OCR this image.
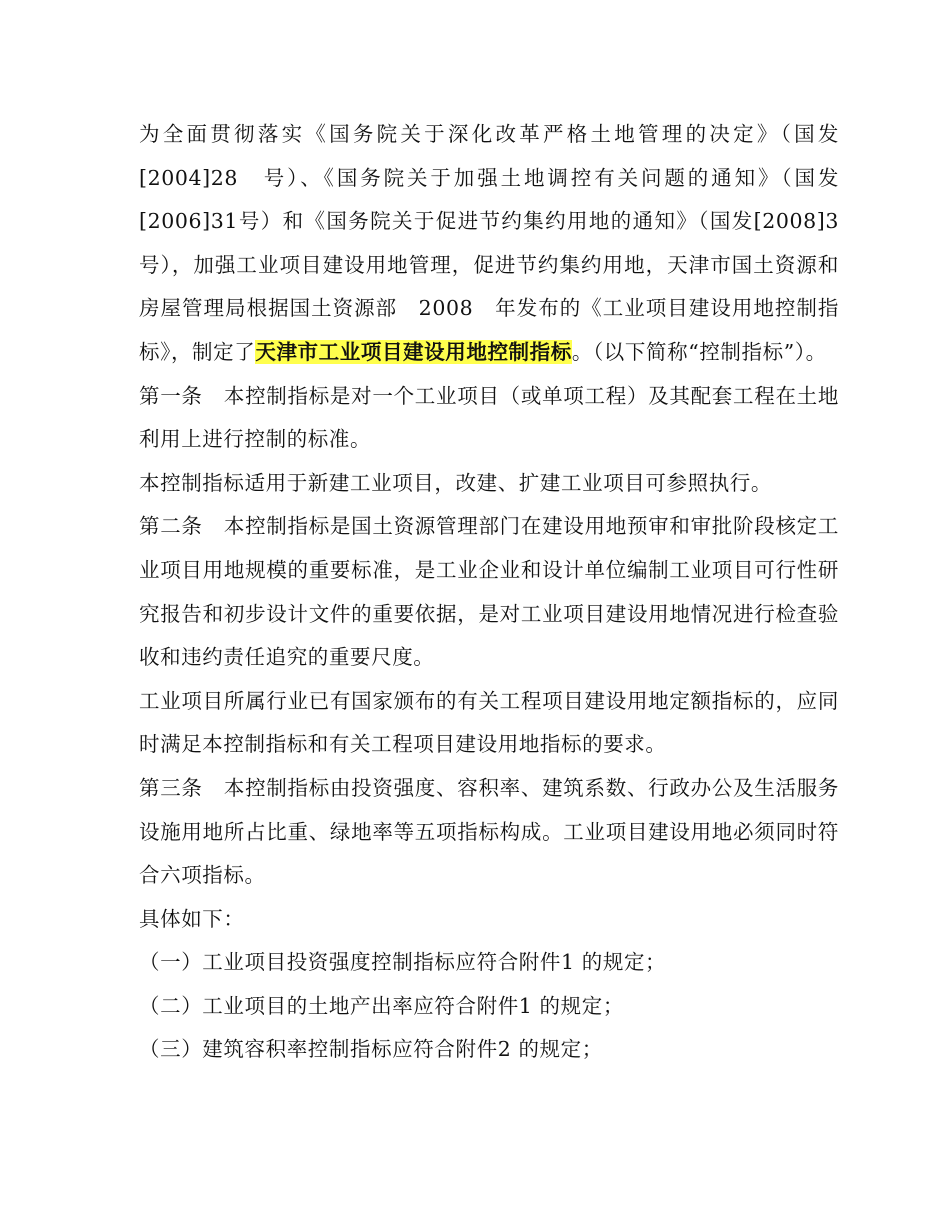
为全面贯彻落实《国务院关于深化改革严格土地管理的决定》（国发[2004]28　号）、《国务院关于加强土地调控有关问题的通知》（国发[2006]31号）和《国务院关于促进节约集约用地的通知》（国发[2008]3号），加强工业项目建设用地管理，促进节约集约用地，天津市国土资源和房屋管理局根据国土资源部　2008　年发布的《工业项目建设用地控制指标》，制定了天津市工业项目建设用地控制指标。（以下简称“控制指标”）。

第一条　本控制指标是对一个工业项目（或单项工程）及其配套工程在土地利用上进行控制的标准。

本控制指标适用于新建工业项目，改建、扩建工业项目可参照执行。

第二条　本控制指标是国土资源管理部门在建设用地预审和审批阶段核定工业项目用地规模的重要标准，是工业企业和设计单位编制工业项目可行性研究报告和初步设计文件的重要依据，是对工业项目建设用地情况进行检查验收和违约责任追究的重要尺度。

工业项目所属行业已有国家颁布的有关工程项目建设用地定额指标的，应同时满足本控制指标和有关工程项目建设用地指标的要求。

第三条　本控制指标由投资强度、容积率、建筑系数、行政办公及生活服务设施用地所占比重、绿地率等五项指标构成。工业项目建设用地必须同时符合六项指标。

具体如下：

（一）工业项目投资强度控制指标应符合附件1 的规定；

（二）工业项目的土地产出率应符合附件1 的规定；

（三）建筑容积率控制指标应符合附件2 的规定；
